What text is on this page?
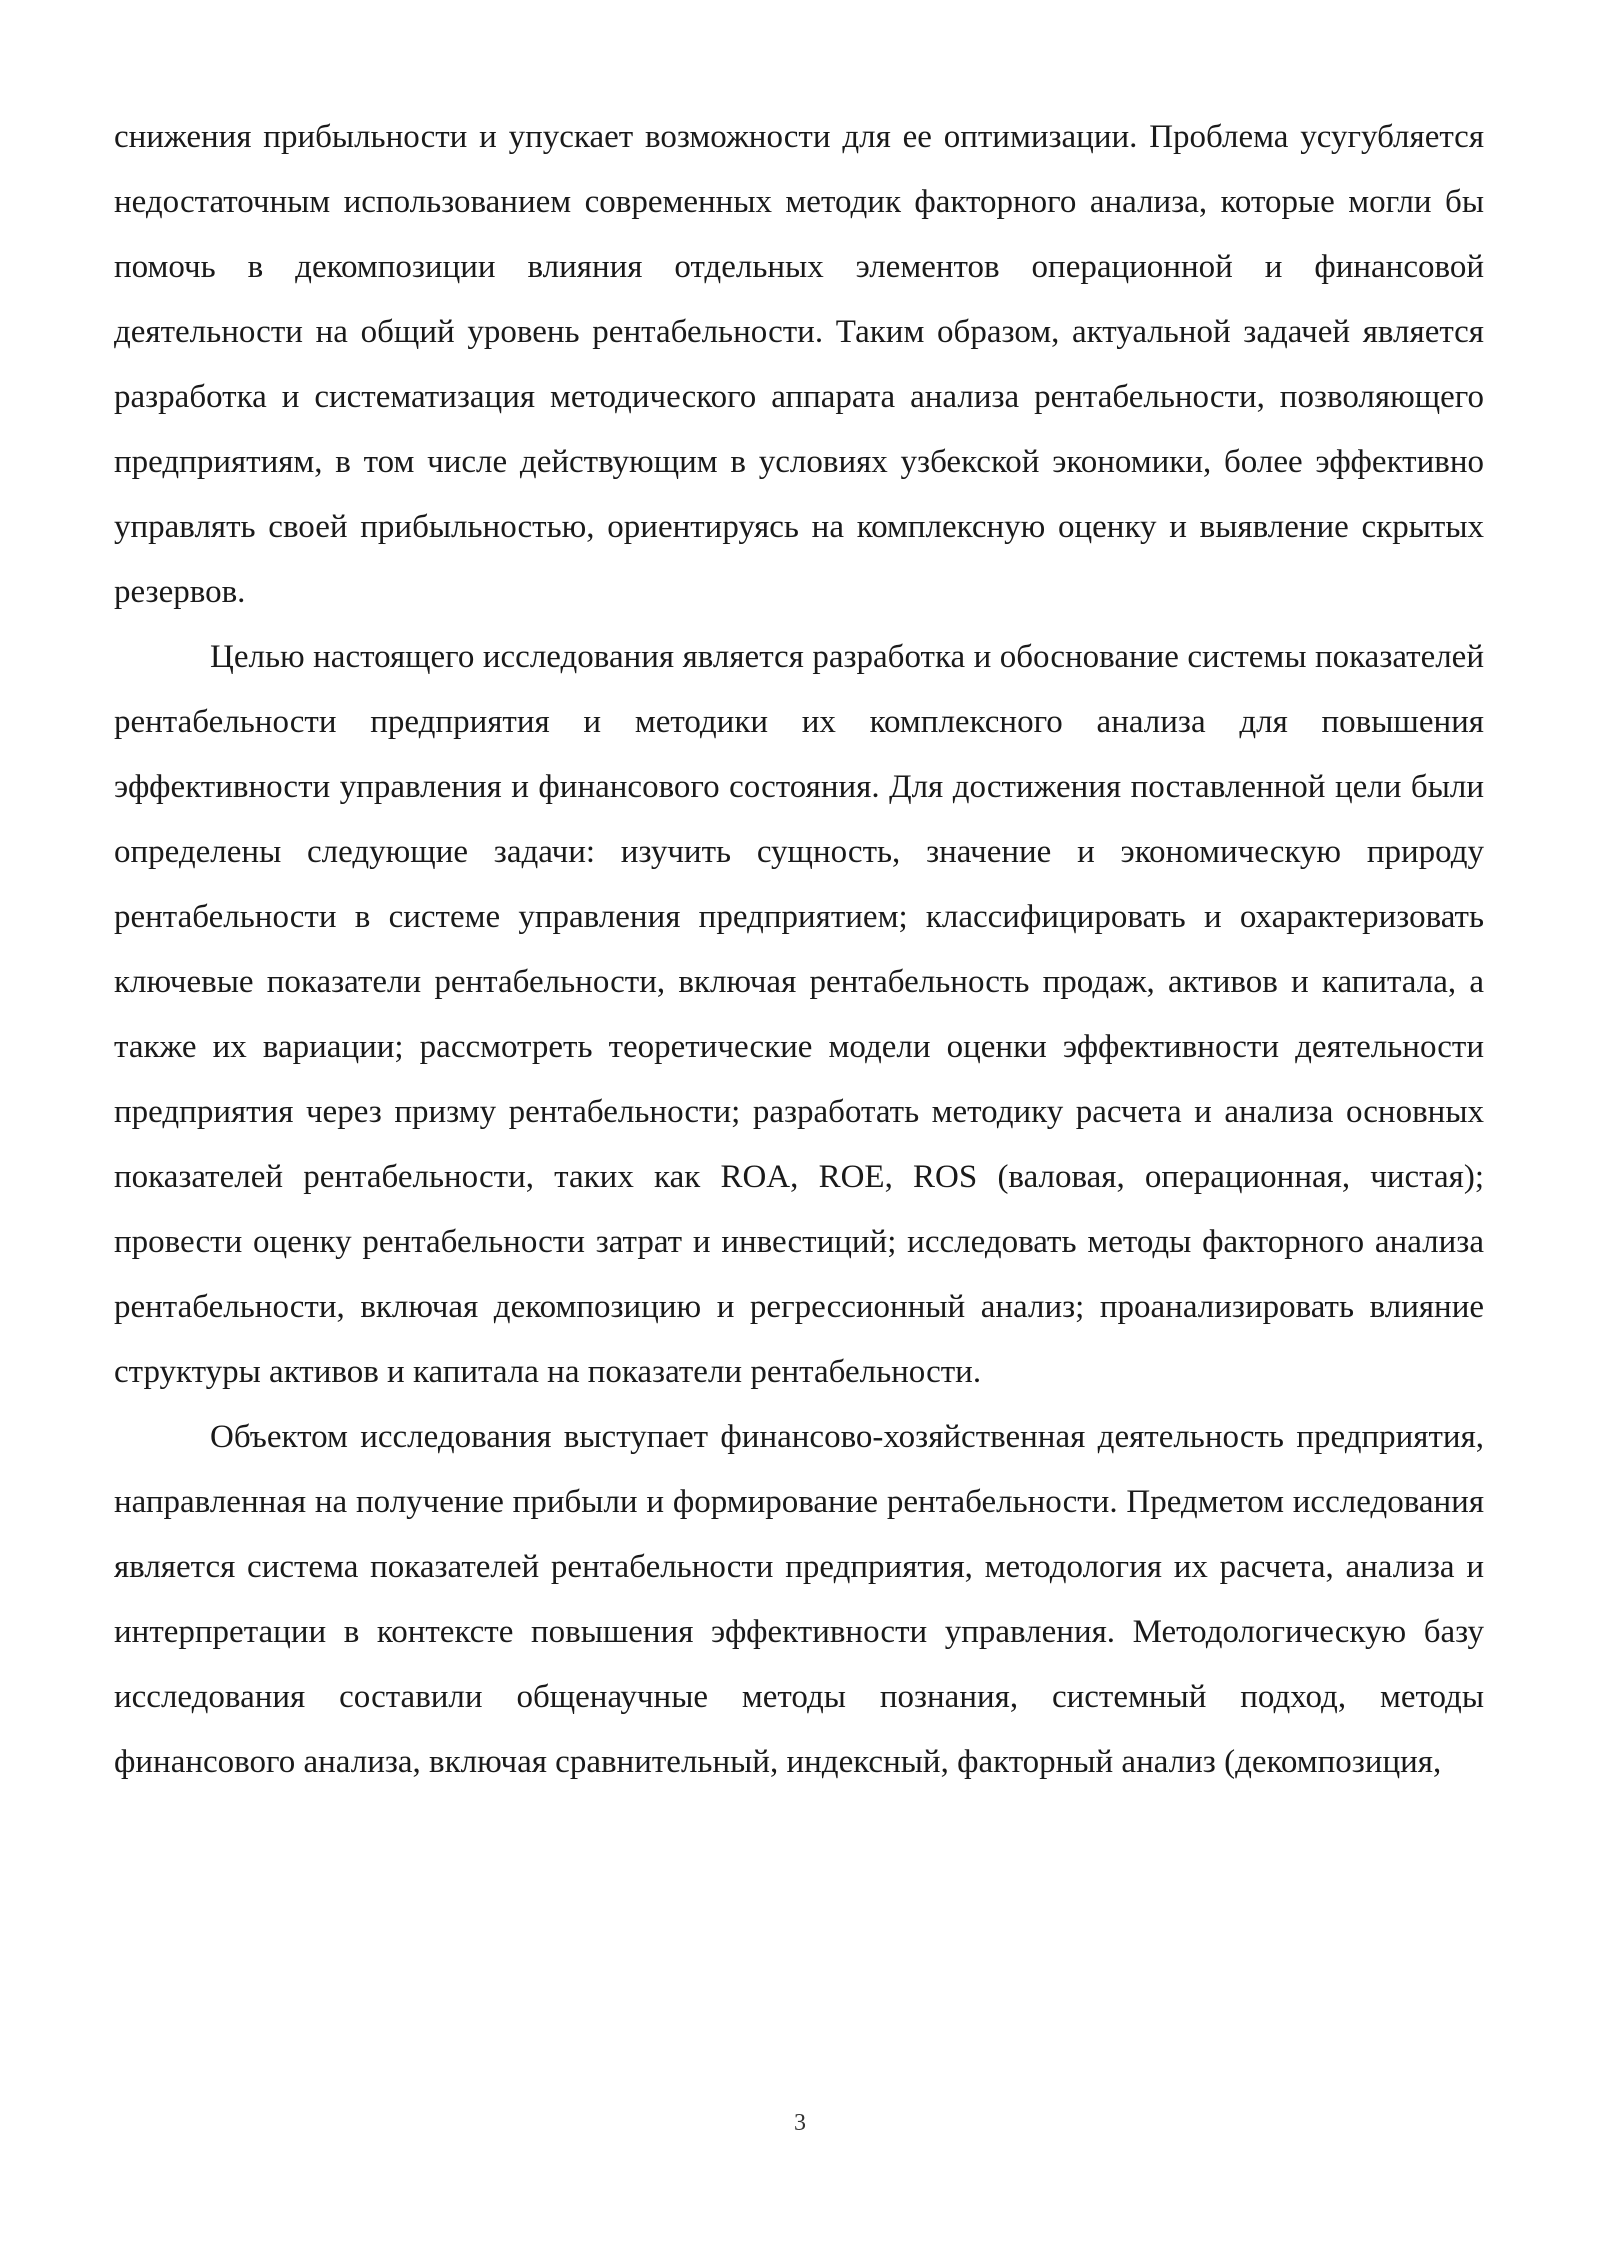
снижения прибыльности и упускает возможности для ее оптимизации. Проблема усугубляется недостаточным использованием современных методик факторного анализа, которые могли бы помочь в декомпозиции влияния отдельных элементов операционной и финансовой деятельности на общий уровень рентабельности. Таким образом, актуальной задачей является разработка и систематизация методического аппарата анализа рентабельности, позволяющего предприятиям, в том числе действующим в условиях узбекской экономики, более эффективно управлять своей прибыльностью, ориентируясь на комплексную оценку и выявление скрытых резервов.

Целью настоящего исследования является разработка и обоснование системы показателей рентабельности предприятия и методики их комплексного анализа для повышения эффективности управления и финансового состояния. Для достижения поставленной цели были определены следующие задачи: изучить сущность, значение и экономическую природу рентабельности в системе управления предприятием; классифицировать и охарактеризовать ключевые показатели рентабельности, включая рентабельность продаж, активов и капитала, а также их вариации; рассмотреть теоретические модели оценки эффективности деятельности предприятия через призму рентабельности; разработать методику расчета и анализа основных показателей рентабельности, таких как ROA, ROE, ROS (валовая, операционная, чистая); провести оценку рентабельности затрат и инвестиций; исследовать методы факторного анализа рентабельности, включая декомпозицию и регрессионный анализ; проанализировать влияние структуры активов и капитала на показатели рентабельности.

Объектом исследования выступает финансово-хозяйственная деятельность предприятия, направленная на получение прибыли и формирование рентабельности. Предметом исследования является система показателей рентабельности предприятия, методология их расчета, анализа и интерпретации в контексте повышения эффективности управления. Методологическую базу исследования составили общенаучные методы познания, системный подход, методы финансового анализа, включая сравнительный, индексный, факторный анализ (декомпозиция,

3
